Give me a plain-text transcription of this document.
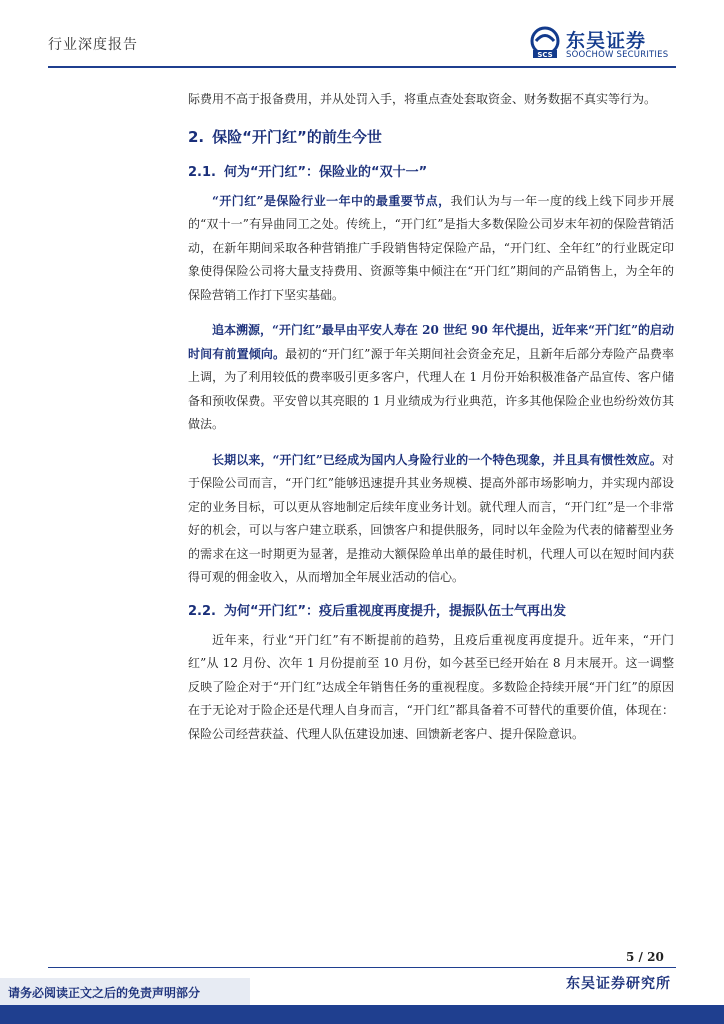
行业深度报告
SCS
东吴证券
SOOCHOW SECURITIES

际费用不高于报备费用，并从处罚入手，将重点查处套取资金、财务数据不真实等行为。

2. 保险“开门红”的前生今世
2.1. 何为“开门红”：保险业的“双十一”

“开门红”是保险行业一年中的最重要节点，我们认为与一年一度的线上线下同步开展的“双十一”有异曲同工之处。传统上，“开门红”是指大多数保险公司岁末年初的保险营销活动，在新年期间采取各种营销推广手段销售特定保险产品，“开门红、全年红”的行业既定印象使得保险公司将大量支持费用、资源等集中倾注在“开门红”期间的产品销售上，为全年的保险营销工作打下坚实基础。

追本溯源，“开门红”最早由平安人寿在 20 世纪 90 年代提出，近年来“开门红”的启动时间有前置倾向。最初的“开门红”源于年关期间社会资金充足，且新年后部分寿险产品费率上调，为了利用较低的费率吸引更多客户，代理人在 1 月份开始积极准备产品宣传、客户储备和预收保费。平安曾以其亮眼的 1 月业绩成为行业典范，许多其他保险企业也纷纷效仿其做法。

长期以来，“开门红”已经成为国内人身险行业的一个特色现象，并且具有惯性效应。对于保险公司而言，“开门红”能够迅速提升其业务规模、提高外部市场影响力，并实现内部设定的业务目标，可以更从容地制定后续年度业务计划。就代理人而言，“开门红”是一个非常好的机会，可以与客户建立联系，回馈客户和提供服务，同时以年金险为代表的储蓄型业务的需求在这一时期更为显著，是推动大额保险单出单的最佳时机，代理人可以在短时间内获得可观的佣金收入，从而增加全年展业活动的信心。

2.2. 为何“开门红”：疫后重视度再度提升，提振队伍士气再出发

近年来，行业“开门红”有不断提前的趋势，且疫后重视度再度提升。近年来，“开门红”从 12 月份、次年 1 月份提前至 10 月份，如今甚至已经开始在 8 月末展开。这一调整反映了险企对于“开门红”达成全年销售任务的重视程度。多数险企持续开展“开门红”的原因在于无论对于险企还是代理人自身而言，“开门红”都具备着不可替代的重要价值，体现在：保险公司经营获益、代理人队伍建设加速、回馈新老客户、提升保险意识。

5 / 20
东吴证券研究所
请务必阅读正文之后的免责声明部分
